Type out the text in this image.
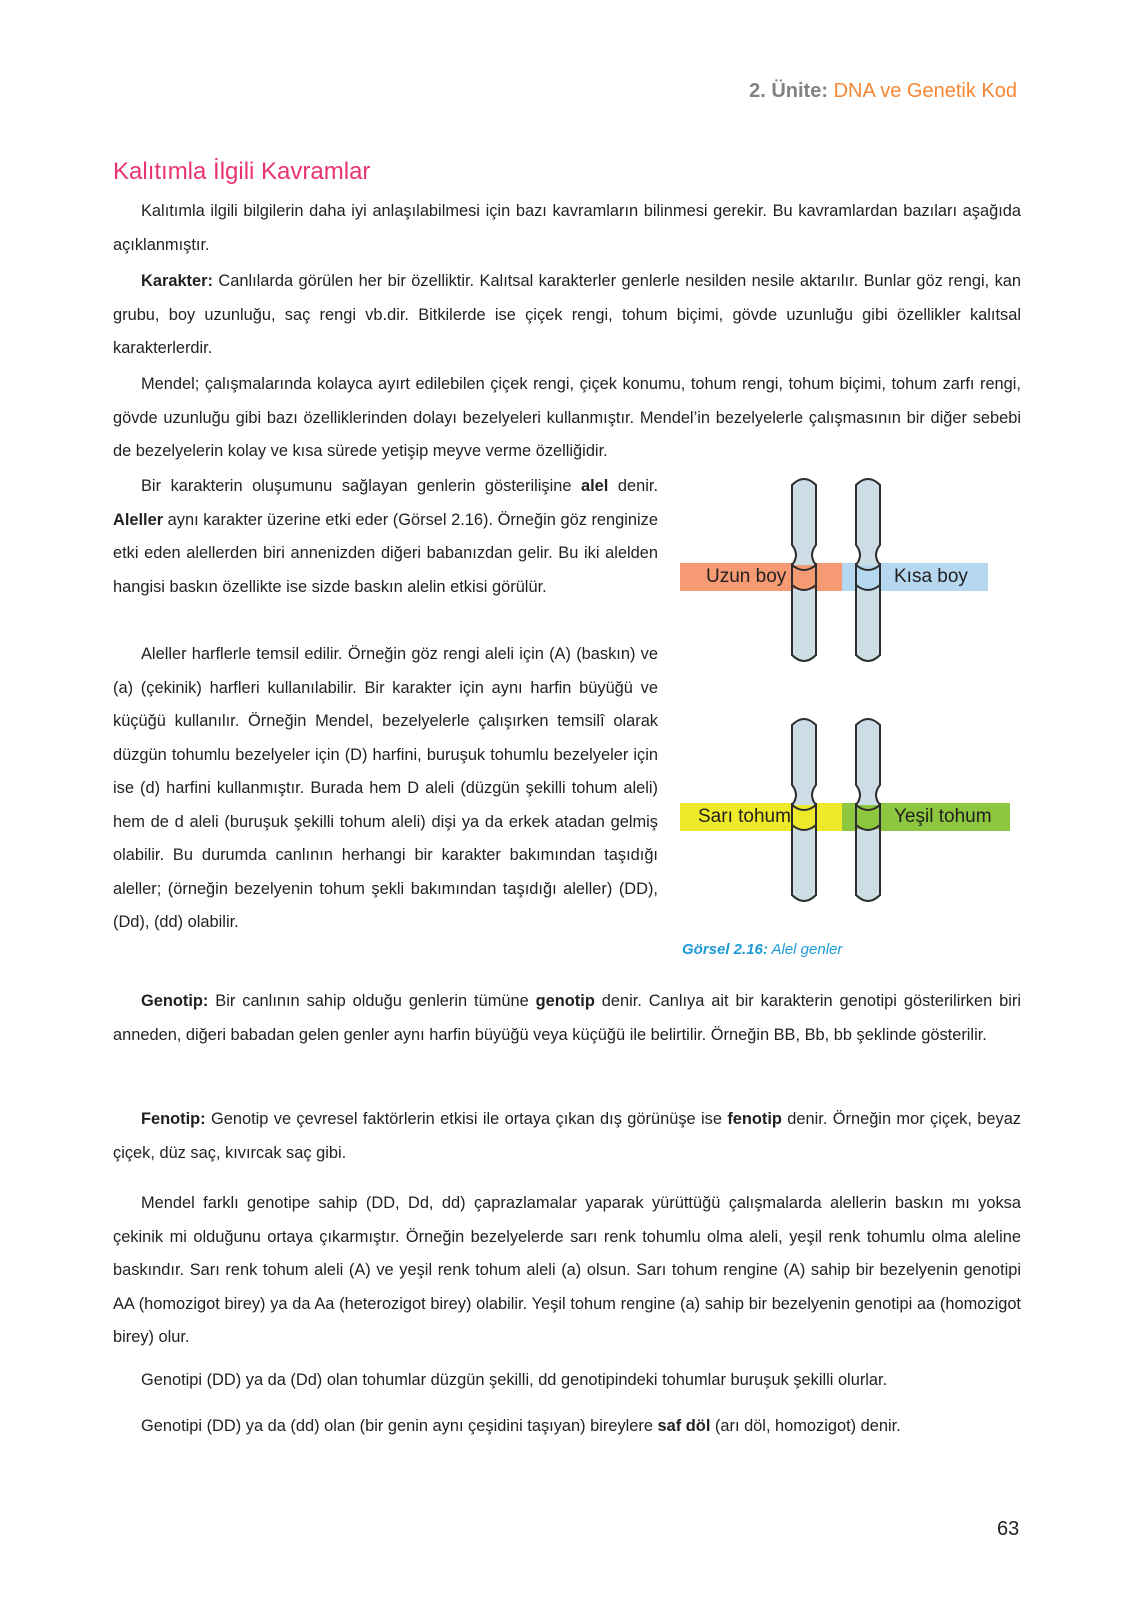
2. Ünite: DNA ve Genetik Kod
Kalıtımla İlgili Kavramlar

Kalıtımla ilgili bilgilerin daha iyi anlaşılabilmesi için bazı kavramların bilinmesi gerekir. Bu kavramlardan bazıları aşağıda açıklanmıştır.

Karakter: Canlılarda görülen her bir özelliktir. Kalıtsal karakterler genlerle nesilden nesile aktarılır. Bunlar göz rengi, kan grubu, boy uzunluğu, saç rengi vb.dir. Bitkilerde ise çiçek rengi, tohum biçimi, gövde uzunluğu gibi özellikler kalıtsal karakterlerdir.

Mendel; çalışmalarında kolayca ayırt edilebilen çiçek rengi, çiçek konumu, tohum rengi, tohum biçimi, tohum zarfı rengi, gövde uzunluğu gibi bazı özelliklerinden dolayı bezelyeleri kullanmıştır. Mendel’in bezelyelerle çalışmasının bir diğer sebebi de bezelyelerin kolay ve kısa sürede yetişip meyve verme özelliğidir.

Bir karakterin oluşumunu sağlayan genlerin gösterilişine alel denir. Aleller aynı karakter üzerine etki eder (Görsel 2.16). Örneğin göz renginize etki eden alellerden biri annenizden diğeri babanızdan gelir. Bu iki alelden hangisi baskın özellikte ise sizde baskın alelin etkisi görülür.

Aleller harflerle temsil edilir. Örneğin göz rengi aleli için (A) (baskın) ve (a) (çekinik) harfleri kullanılabilir. Bir karakter için aynı harfin büyüğü ve küçüğü kullanılır. Örneğin Mendel, bezelyelerle çalışırken temsilî olarak düzgün tohumlu bezelyeler için (D) harfini, buruşuk tohumlu bezelyeler için ise (d) harfini kullanmıştır. Burada hem D aleli (düzgün şekilli tohum aleli) hem de d aleli (buruşuk şekilli tohum aleli) dişi ya da erkek atadan gelmiş olabilir. Bu durumda canlının herhangi bir karakter bakımından taşıdığı aleller; (örneğin bezelyenin tohum şekli bakımından taşıdığı aleller) (DD), (Dd), (dd) olabilir.

Uzun boy	Kısa boy
Sarı tohum	Yeşil tohum
Görsel 2.16: Alel genler

Genotip: Bir canlının sahip olduğu genlerin tümüne genotip denir. Canlıya ait bir karakterin genotipi gösterilirken biri anneden, diğeri babadan gelen genler aynı harfin büyüğü veya küçüğü ile belirtilir. Örneğin BB, Bb, bb şeklinde gösterilir.

Fenotip: Genotip ve çevresel faktörlerin etkisi ile ortaya çıkan dış görünüşe ise fenotip denir. Örneğin mor çiçek, beyaz çiçek, düz saç, kıvırcak saç gibi.

Mendel farklı genotipe sahip (DD, Dd, dd) çaprazlamalar yaparak yürüttüğü çalışmalarda alellerin baskın mı yoksa çekinik mi olduğunu ortaya çıkarmıştır. Örneğin bezelyelerde sarı renk tohumlu olma aleli, yeşil renk tohumlu olma aleline baskındır. Sarı renk tohum aleli (A) ve yeşil renk tohum aleli (a) olsun. Sarı tohum rengine (A) sahip bir bezelyenin genotipi AA (homozigot birey) ya da Aa (heterozigot birey) olabilir. Yeşil tohum rengine (a) sahip bir bezelyenin genotipi aa (homozigot birey) olur.

Genotipi (DD) ya da (Dd) olan tohumlar düzgün şekilli, dd genotipindeki tohumlar buruşuk şekilli olurlar.

Genotipi (DD) ya da (dd) olan (bir genin aynı çeşidini taşıyan) bireylere saf döl (arı döl, homozigot) denir.

63
